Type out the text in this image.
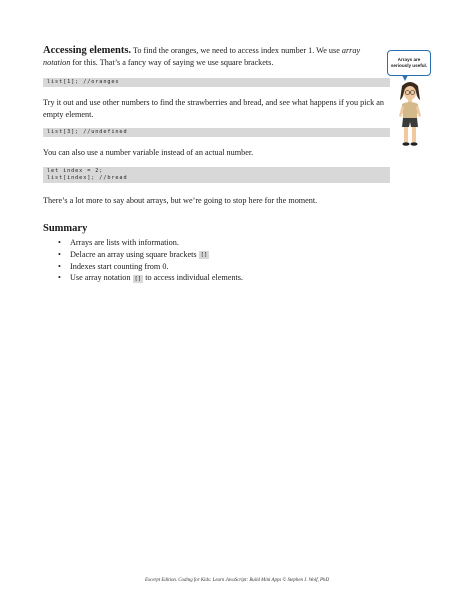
Accessing elements. To find the oranges, we need to access index number 1. We use array notation for this. That’s a fancy way of saying we use square brackets.

list[1]; //oranges

Try it out and use other numbers to find the strawberries and bread, and see what happens if you pick an empty element.

list[3]; //undefined

You can also use a number variable instead of an actual number.

let index = 2;
list[index]; //bread

There’s a lot more to say about arrays, but we’re going to stop here for the moment.

Summary
• Arrays are lists with information.
• Delacre an array using square brackets []
• Indexes start counting from 0.
• Use array notation [] to access individual elements.
Arrays are
seriously useful.
Excerpt Edition. Coding for Kids: Learn JavaScript: Build Mini Apps © Stephen J. Wolf, PhD
